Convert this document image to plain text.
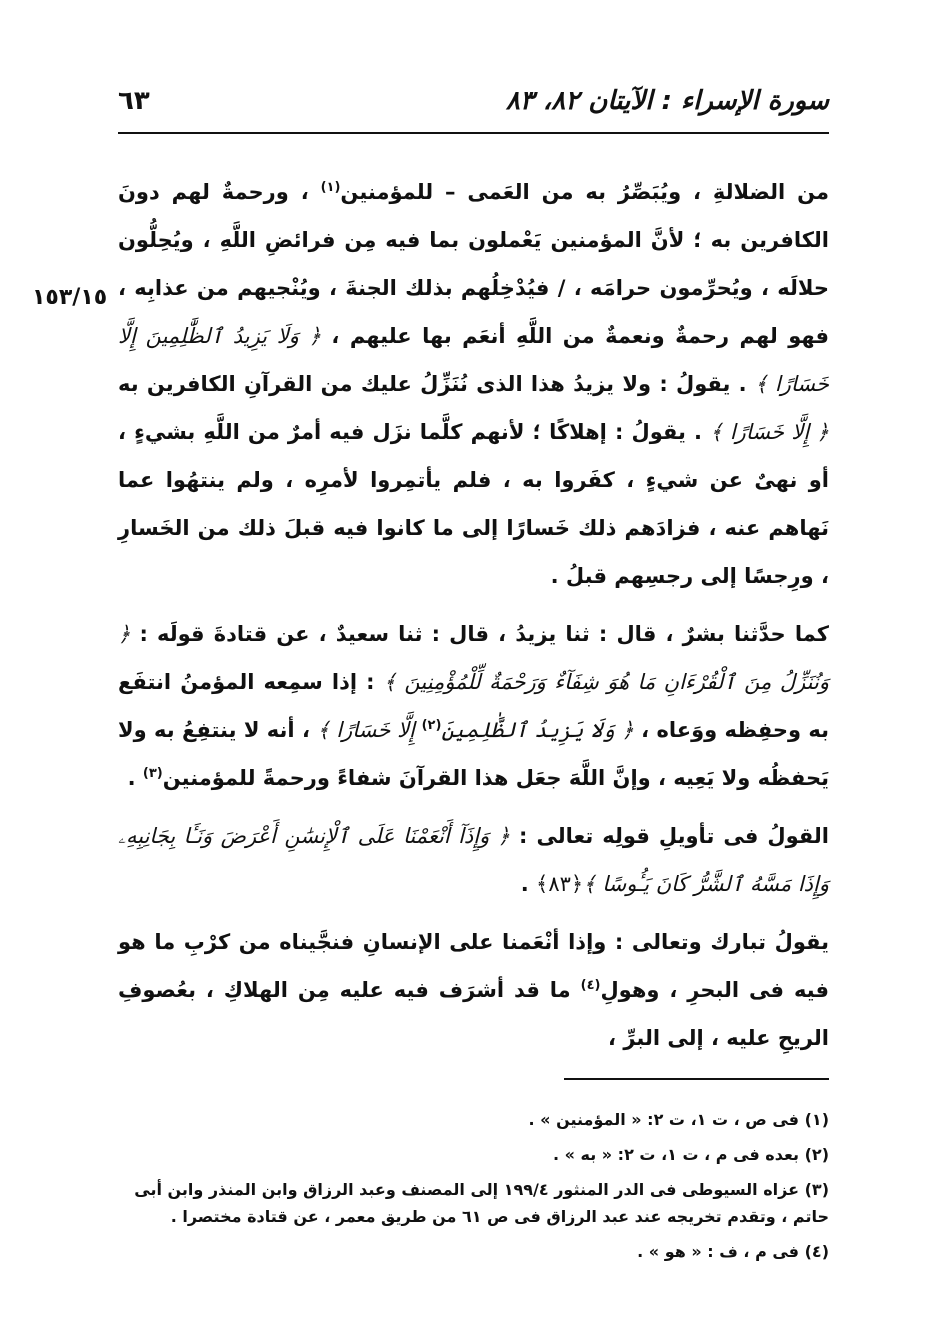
٦٣	سورة الإسراء : الآيتان ٨٢، ٨٣
١٥٣/١٥

من الضلالةِ ، ويُبَصِّرُ به من العَمى – للمؤمنين$^{(١)}$ ، ورحمةٌ لهم دونَ الكافرين به ؛ لأنَّ المؤمنين يَعْملون بما فيه مِن فرائضِ اللَّهِ ، ويُحِلُّون حلالَه ، ويُحرِّمون حرامَه ، / فيُدْخِلُهم بذلك الجنةَ ، ويُنْجيهم من عذابِه ، فهو لهم رحمةٌ ونعمةٌ من اللَّهِ أنعَم بها عليهم ، ﴿ وَلَا يَزِيدُ ٱلظَّٰلِمِينَ إِلَّا خَسَارًا ﴾ . يقولُ : ولا يزيدُ هذا الذى نُنَزِّلُ عليك من القرآنِ الكافرين به ﴿ إِلَّا خَسَارًا ﴾ . يقولُ : إهلاكًا ؛ لأنهم كلَّما نزَل فيه أمرٌ من اللَّهِ بشيءٍ ، أو نهىٌ عن شيءٍ ، كفَروا به ، فلم يأتمِروا لأمرِه ، ولم ينتهُوا عما نَهاهم عنه ، فزادَهم ذلك خَسارًا إلى ما كانوا فيه قبلَ ذلك من الخَسارِ ، ورِجسًا إلى رجسِهم قبلُ .

كما حدَّثنا بشرٌ ، قال : ثنا يزيدُ ، قال : ثنا سعيدٌ ، عن قتادةَ قولَه : ﴿ وَنُنَزِّلُ مِنَ ٱلْقُرْءَانِ مَا هُوَ شِفَآءٌ وَرَحْمَةٌ لِّلْمُؤْمِنِينَ ﴾ : إذا سمِعه المؤمنُ انتفَع به وحفِظه ووَعاه ، ﴿ وَلَا يَزِيدُ ٱلظَّٰلِمِينَ$^{(٢)}$ إِلَّا خَسَارًا ﴾ ، أنه لا ينتفِعُ به ولا يَحفظُه ولا يَعِيه ، وإنَّ اللَّهَ جعَل هذا القرآنَ شفاءً ورحمةً للمؤمنين$^{(٣)}$ .

القولُ فى تأويلِ قولِه تعالى : ﴿ وَإِذَآ أَنْعَمْنَا عَلَى ٱلْإِنسَٰنِ أَعْرَضَ وَنَـَٔا بِجَانِبِهِۦ وَإِذَا مَسَّهُ ٱلشَّرُّ كَانَ يَـُٔوسًا ﴾﴿٨٣﴾ .

يقولُ تبارك وتعالى : وإذا أنْعَمنا على الإنسانِ فنجَّيناه من كرْبِ ما هو فيه فى البحرِ ، وهولِ$^{(٤)}$ ما قد أشرَف فيه عليه مِن الهلاكِ ، بعُصوفِ الريحِ عليه ، إلى البرِّ ،

(١) فى ص ، ت ١، ت ٢: « المؤمنين » .

(٢) بعده فى م ، ت ١، ت ٢: « به » .

(٣) عزاه السيوطى فى الدر المنثور ١٩٩/٤ إلى المصنف وعبد الرزاق وابن المنذر وابن أبى حاتم ، وتقدم تخريجه عند عبد الرزاق فى ص ٦١ من طريق معمر ، عن قتادة مختصرا .

(٤) فى م ، ف : « هو » .
